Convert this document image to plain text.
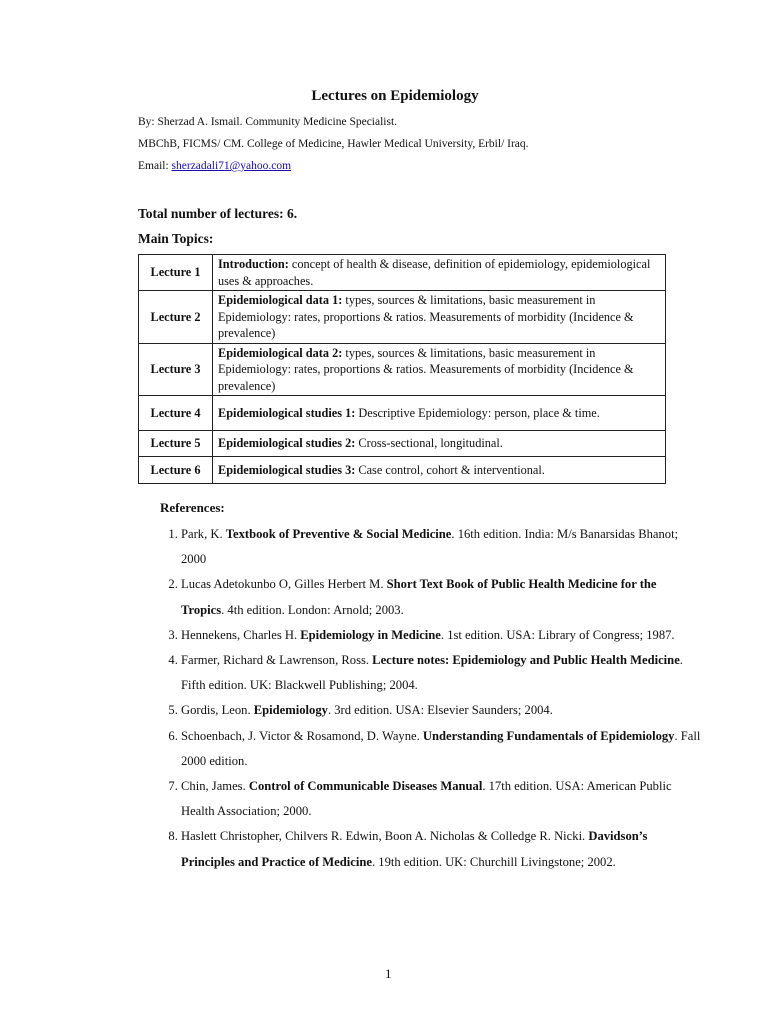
Lectures on Epidemiology
By: Sherzad A. Ismail. Community Medicine Specialist.
MBChB, FICMS/ CM. College of Medicine, Hawler Medical University, Erbil/ Iraq.
Email: sherzadali71@yahoo.com
Total number of lectures: 6.
Main Topics:
Lecture 1	Introduction: concept of health & disease, definition of epidemiology, epidemiological uses & approaches.
Lecture 2	Epidemiological data 1: types, sources & limitations, basic measurement in Epidemiology: rates, proportions & ratios. Measurements of morbidity (Incidence & prevalence)
Lecture 3	Epidemiological data 2: types, sources & limitations, basic measurement in Epidemiology: rates, proportions & ratios. Measurements of morbidity (Incidence & prevalence)
Lecture 4	Epidemiological studies 1: Descriptive Epidemiology: person, place & time.
Lecture 5	Epidemiological studies 2: Cross-sectional, longitudinal.
Lecture 6	Epidemiological studies 3: Case control, cohort & interventional.
References:
1. Park, K. Textbook of Preventive & Social Medicine. 16th edition. India: M/s Banarsidas Bhanot; 2000
2. Lucas Adetokunbo O, Gilles Herbert M. Short Text Book of Public Health Medicine for the Tropics. 4th edition. London: Arnold; 2003.
3. Hennekens, Charles H. Epidemiology in Medicine. 1st edition. USA: Library of Congress; 1987.
4. Farmer, Richard & Lawrenson, Ross. Lecture notes: Epidemiology and Public Health Medicine. Fifth edition. UK: Blackwell Publishing; 2004.
5. Gordis, Leon. Epidemiology. 3rd edition. USA: Elsevier Saunders; 2004.
6. Schoenbach, J. Victor & Rosamond, D. Wayne. Understanding Fundamentals of Epidemiology. Fall 2000 edition.
7. Chin, James. Control of Communicable Diseases Manual. 17th edition. USA: American Public Health Association; 2000.
8. Haslett Christopher, Chilvers R. Edwin, Boon A. Nicholas & Colledge R. Nicki. Davidson’s Principles and Practice of Medicine. 19th edition. UK: Churchill Livingstone; 2002.
1
